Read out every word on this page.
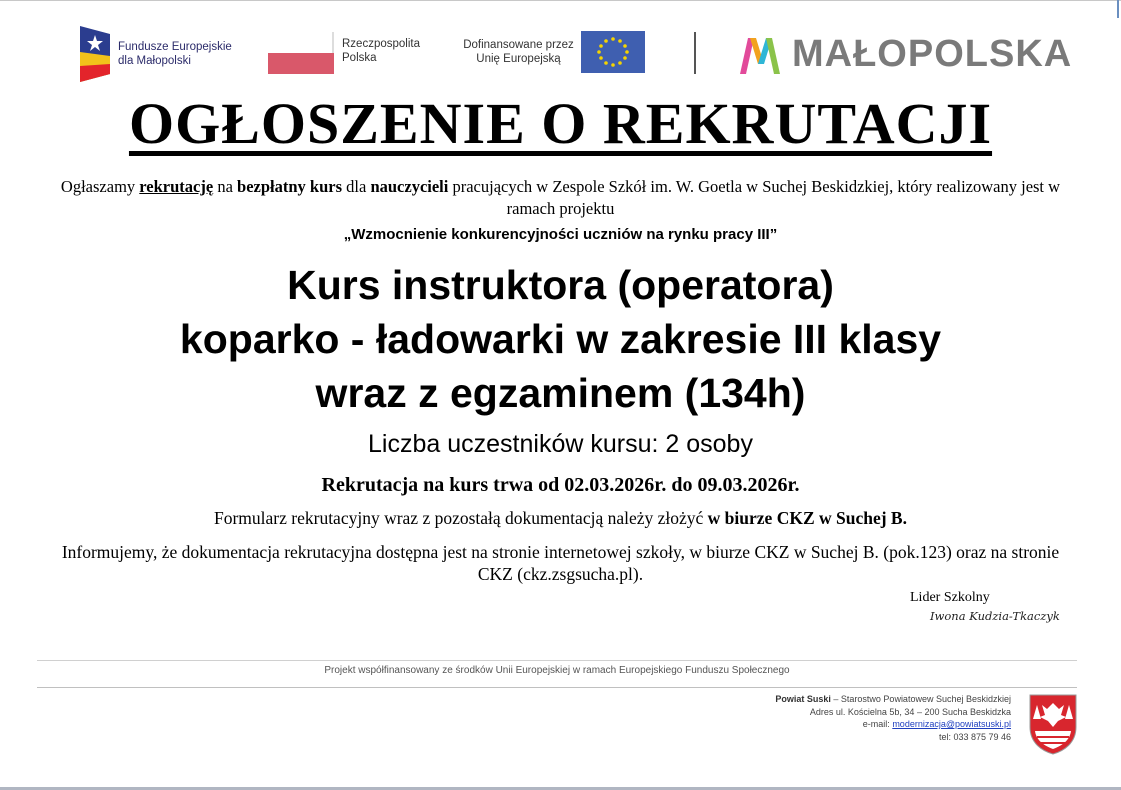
Fundusze Europejskie
dla Małopolski
Rzeczpospolita
Polska
Dofinansowane przez
Unię Europejską	MAŁOPOLSKA
OGŁOSZENIE O REKRUTACJI
Ogłaszamy rekrutację na bezpłatny kurs dla nauczycieli pracujących w Zespole Szkół im. W. Goetla w Suchej Beskidzkiej, który realizowany jest w ramach projektu
„Wzmocnienie konkurencyjności uczniów na rynku pracy III”
Kurs instruktora (operatora)
koparko - ładowarki w zakresie III klasy
wraz z egzaminem (134h)
Liczba uczestników kursu: 2 osoby
Rekrutacja na kurs trwa od 02.03.2026r. do 09.03.2026r.
Formularz rekrutacyjny wraz z pozostałą dokumentacją należy złożyć w biurze CKZ w Suchej B.
Informujemy, że dokumentacja rekrutacyjna dostępna jest na stronie internetowej szkoły, w biurze CKZ w Suchej B. (pok.123) oraz na stronie CKZ (ckz.zsgsucha.pl).
Lider Szkolny
Iwona Kudzia-Tkaczyk
Projekt współfinansowany ze środków Unii Europejskiej w ramach Europejskiego Funduszu Społecznego
Powiat Suski – Starostwo Powiatowew Suchej Beskidzkiej
Adres ul. Kościelna 5b, 34 – 200 Sucha Beskidzka
e-mail: modernizacja@powiatsuski.pl
tel: 033 875 79 46
